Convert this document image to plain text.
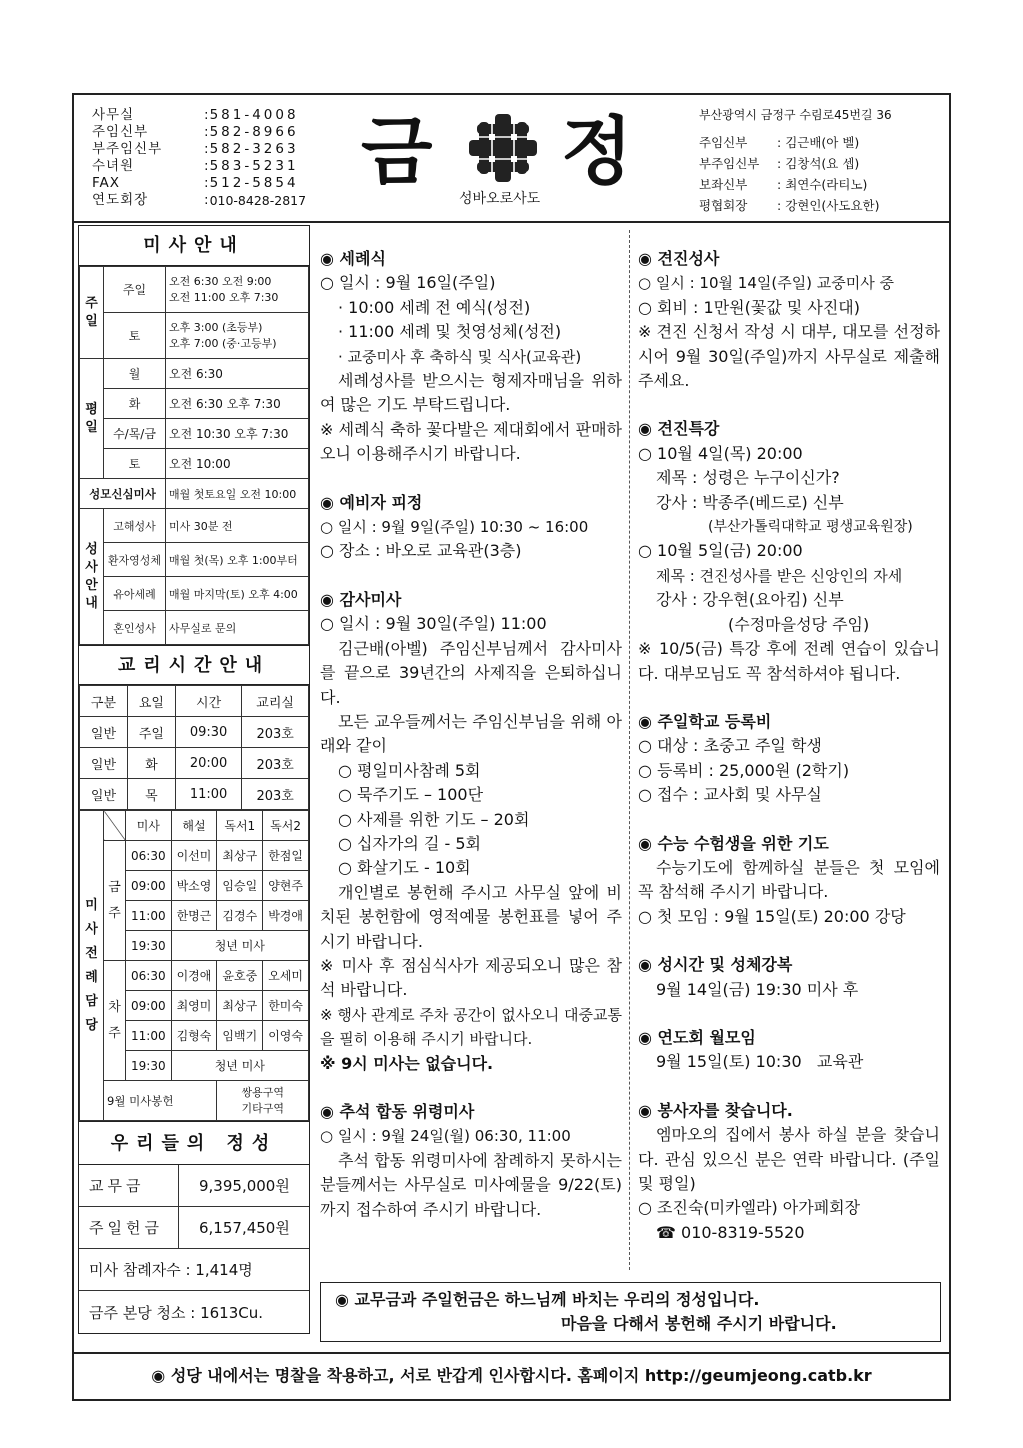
사무실	: 581-4008
주임신부	: 582-8966
부주임신부	: 582-3263
수녀원	: 583-5231
FAX	: 512-5854
연도회장	: 010-8428-2817
금 정
성바오로사도
부산광역시 금정구 수림로45번길 36
주임신부 : 김근배(아 벨)
부주임신부 : 김창석(요 셉)
보좌신부 : 최연수(라티노)
평협회장 : 강현인(사도요한)
미사안내
주일	주일	오전 6:30 오전 9:00
오전 11:00 오후 7:30

	토	오후 3:00 (초등부)
오후 7:00 (중·고등부)

평일	월	오전 6:30
	화	오전 6:30 오후 7:30
	수/목/금	오전 10:30 오후 7:30
	토	오전 10:00
성모신심미사		매월 첫토요일 오전 10:00
성사안내	고해성사	미사 30분 전
	환자영성체	매월 첫(목) 오후 1:00부터
	유아세례	매월 마지막(토) 오후 4:00
	혼인성사	사무실로 문의
교리시간안내
구분	요일	시간	교리실
일반	주일	09:30	203호
일반	화	20:00	203호
일반	목	11:00	203호
미사전례담당		미사	해설	독서1	독서2
	금주	06:30	이선미	최상구	한점일
		09:00	박소영	임승일	양현주
		11:00	한명근	김경수	박경애
		19:30	청년 미사		
	차주	06:30	이경애	윤호중	오세미
		09:00	최영미	최상구	한미숙
		11:00	김형숙	임백기	이영숙
		19:30	청년 미사		
	9월 미사봉헌			쌍용구역
기타구역	
우리들의 정성
교무금	9,395,000원
주일헌금	6,157,450원
미사 참례자수 : 1,414명
금주 본당 청소 : 1613Cu.
◉ 세례식
○ 일시 : 9월 16일(주일)
· 10:00 세례 전 예식(성전)
· 11:00 세례 및 첫영성체(성전)
· 교중미사 후 축하식 및 식사(교육관)
세례성사를 받으시는 형제자매님을 위하여 많은 기도 부탁드립니다.
※ 세례식 축하 꽃다발은 제대회에서 판매하오니 이용해주시기 바랍니다.
◉ 예비자 피정
○ 일시 : 9월 9일(주일) 10:30 ~ 16:00
○ 장소 : 바오로 교육관(3층)
◉ 감사미사
○ 일시 : 9월 30일(주일) 11:00
김근배(아벨) 주임신부님께서 감사미사를 끝으로 39년간의 사제직을 은퇴하십니다.
모든 교우들께서는 주임신부님을 위해 아래와 같이
○ 평일미사참례 5회
○ 묵주기도 – 100단
○ 사제를 위한 기도 – 20회
○ 십자가의 길 - 5회
○ 화살기도 - 10회
개인별로 봉헌해 주시고 사무실 앞에 비치된 봉헌함에 영적예물 봉헌표를 넣어 주시기 바랍니다.
※ 미사 후 점심식사가 제공되오니 많은 참석 바랍니다.
※ 행사 관계로 주차 공간이 없사오니 대중교통을 필히 이용해 주시기 바랍니다.
※ 9시 미사는 없습니다.
◉ 추석 합동 위령미사
○ 일시 : 9월 24일(월) 06:30, 11:00
추석 합동 위령미사에 참례하지 못하시는 분들께서는 사무실로 미사예물을 9/22(토)까지 접수하여 주시기 바랍니다.
◉ 견진성사
○ 일시 : 10월 14일(주일) 교중미사 중
○ 회비 : 1만원(꽃값 및 사진대)
※ 견진 신청서 작성 시 대부, 대모를 선정하시어 9월 30일(주일)까지 사무실로 제출해 주세요.
◉ 견진특강
○ 10월 4일(목) 20:00
제목 : 성령은 누구이신가?
강사 : 박종주(베드로) 신부
(부산가톨릭대학교 평생교육원장)
○ 10월 5일(금) 20:00
제목 : 견진성사를 받은 신앙인의 자세
강사 : 강우현(요아킴) 신부
(수정마을성당 주임)
※ 10/5(금) 특강 후에 전례 연습이 있습니다. 대부모님도 꼭 참석하셔야 됩니다.
◉ 주일학교 등록비
○ 대상 : 초중고 주일 학생
○ 등록비 : 25,000원 (2학기)
○ 접수 : 교사회 및 사무실
◉ 수능 수험생을 위한 기도
수능기도에 함께하실 분들은 첫 모임에 꼭 참석해 주시기 바랍니다.
○ 첫 모임 : 9월 15일(토) 20:00 강당
◉ 성시간 및 성체강복
9월 14일(금) 19:30 미사 후
◉ 연도회 월모임
9월 15일(토) 10:30   교육관
◉ 봉사자를 찾습니다.
엠마오의 집에서 봉사 하실 분을 찾습니다. 관심 있으신 분은 연락 바랍니다. (주일 및 평일)
○ 조진숙(미카엘라) 아가페회장
☎ 010-8319-5520
◉ 교무금과 주일헌금은 하느님께 바치는 우리의 정성입니다.
마음을 다해서 봉헌해 주시기 바랍니다.
◉ 성당 내에서는 명찰을 착용하고, 서로 반갑게 인사합시다. 홈페이지 http://geumjeong.catb.kr
